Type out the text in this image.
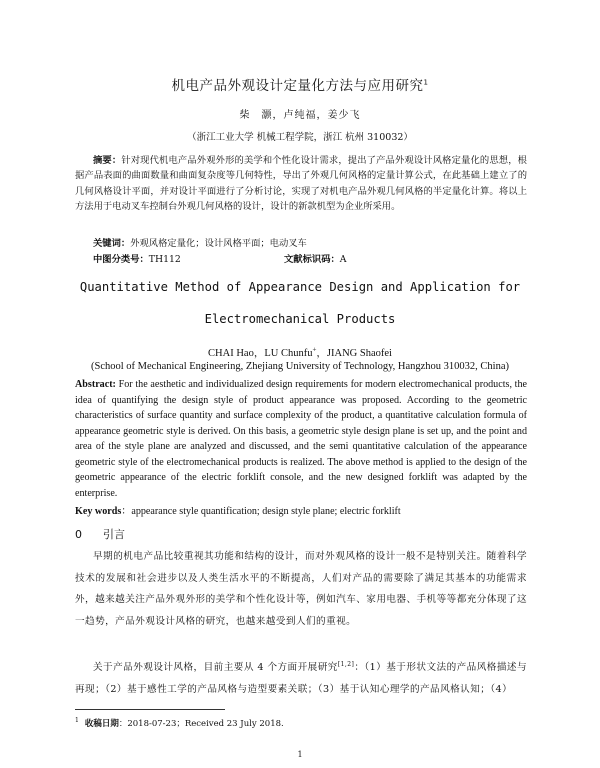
机电产品外观设计定量化方法与应用研究$^1$
柴　灏，卢纯福，姜少飞
（浙江工业大学 机械工程学院，浙江 杭州 310032）
摘要：针对现代机电产品外观外形的美学和个性化设计需求，提出了产品外观设计风格定量化的思想，根据产品表面的曲面数量和曲面复杂度等几何特性，导出了外观几何风格的定量计算公式，在此基础上建立了的几何风格设计平面，并对设计平面进行了分析讨论，实现了对机电产品外观几何风格的半定量化计算。将以上方法用于电动叉车控制台外观几何风格的设计，设计的新款机型为企业所采用。
关键词：外观风格定量化；设计风格平面；电动叉车
中图分类号：TH112	文献标识码：A
Quantitative Method of Appearance Design and Application for
Electromechanical Products
CHAI Hao，LU Chunfu+，JIANG Shaofei
(School of Mechanical Engineering, Zhejiang University of Technology, Hangzhou 310032, China)
Abstract: For the aesthetic and individualized design requirements for modern electromechanical products, the idea of quantifying the design style of product appearance was proposed. According to the geometric characteristics of surface quantity and surface complexity of the product, a quantitative calculation formula of appearance geometric style is derived. On this basis, a geometric style design plane is set up, and the point and area of the style plane are analyzed and discussed, and the semi quantitative calculation of the appearance geometric style of the electromechanical products is realized. The above method is applied to the design of the geometric appearance of the electric forklift console, and the new designed forklift was adapted by the enterprise.
Key words：appearance style quantification; design style plane; electric forklift
0 引言
早期的机电产品比较重视其功能和结构的设计，而对外观风格的设计一般不是特别关注。随着科学技术的发展和社会进步以及人类生活水平的不断提高，人们对产品的需要除了满足其基本的功能需求外，越来越关注产品外观外形的美学和个性化设计等，例如汽车、家用电器、手机等等都充分体现了这一趋势，产品外观设计风格的研究，也越来越受到人们的重视。
关于产品外观设计风格，目前主要从 4 个方面开展研究[1,2]：（1）基于形状文法的产品风格描述与再现；（2）基于感性工学的产品风格与造型要素关联；（3）基于认知心理学的产品风格认知；（4）
$^1$ 收稿日期：2018-07-23；Received 23 July 2018.
1
